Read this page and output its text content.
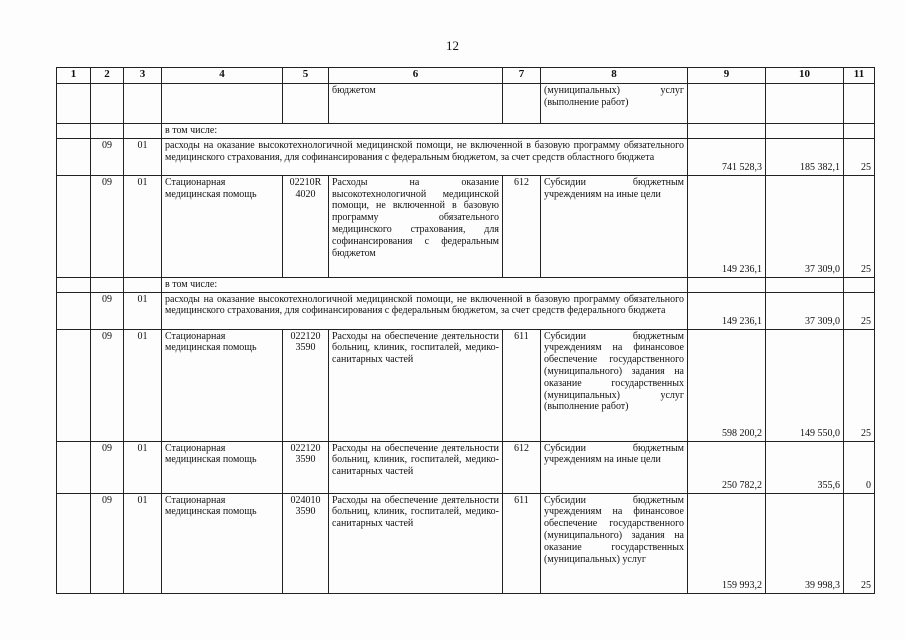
12
1	2	3	4	5	6	7	8	9	10	11
					бюджетом		(муниципальных) услуг (выполнение работ)			
			в том числе:							
	09	01	расходы на оказание высокотехнологичной медицинской помощи, не включенной в базовую программу обязательного медицинского страхования, для софинансирования с федеральным бюджетом, за счет средств областного бюджета					741 528,3	185 382,1	25
	09	01	Стационарная медицинская помощь	02210R 4020	Расходы на оказание высокотехнологичной медицинской помощи, не включенной в базовую программу обязательного медицинского страхования, для софинансирования с федеральным бюджетом	612	Субсидии бюджетным учреждениям на иные цели	149 236,1	37 309,0	25
			в том числе:							
	09	01	расходы на оказание высокотехнологичной медицинской помощи, не включенной в базовую программу обязательного медицинского страхования, для софинансирования с федеральным бюджетом, за счет средств федерального бюджета					149 236,1	37 309,0	25
	09	01	Стационарная медицинская помощь	022120 3590	Расходы на обеспечение деятельности больниц, клиник, госпиталей, медико-санитарных частей	611	Субсидии бюджетным учреждениям на финансовое обеспечение государственного (муниципального) задания на оказание государственных (муниципальных) услуг (выполнение работ)	598 200,2	149 550,0	25
	09	01	Стационарная медицинская помощь	022120 3590	Расходы на обеспечение деятельности больниц, клиник, госпиталей, медико-санитарных частей	612	Субсидии бюджетным учреждениям на иные цели	250 782,2	355,6	0
	09	01	Стационарная медицинская помощь	024010 3590	Расходы на обеспечение деятельности больниц, клиник, госпиталей, медико-санитарных частей	611	Субсидии бюджетным учреждениям на финансовое обеспечение государственного (муниципального) задания на оказание государственных (муниципальных) услуг	159 993,2	39 998,3	25
